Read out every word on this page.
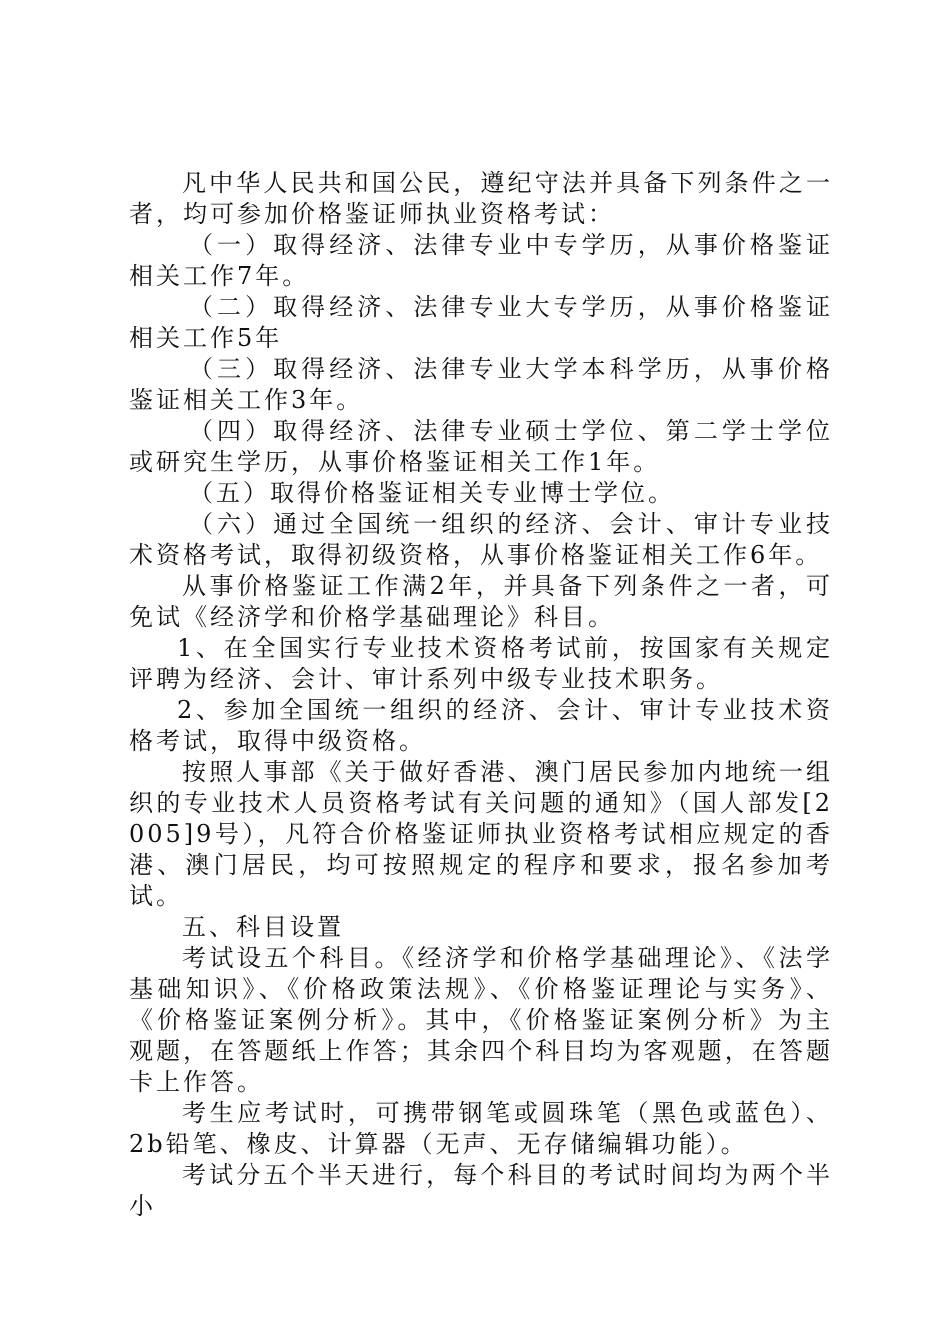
凡中华人民共和国公民，遵纪守法并具备下列条件之一者，均可参加价格鉴证师执业资格考试：

（一）取得经济、法律专业中专学历，从事价格鉴证相关工作7年。

（二）取得经济、法律专业大专学历，从事价格鉴证相关工作5年

（三）取得经济、法律专业大学本科学历，从事价格鉴证相关工作3年。

（四）取得经济、法律专业硕士学位、第二学士学位或研究生学历，从事价格鉴证相关工作1年。

（五）取得价格鉴证相关专业博士学位。

（六）通过全国统一组织的经济、会计、审计专业技术资格考试，取得初级资格，从事价格鉴证相关工作6年。

从事价格鉴证工作满2年，并具备下列条件之一者，可免试《经济学和价格学基础理论》科目。

1、在全国实行专业技术资格考试前，按国家有关规定评聘为经济、会计、审计系列中级专业技术职务。

2、参加全国统一组织的经济、会计、审计专业技术资格考试，取得中级资格。

按照人事部《关于做好香港、澳门居民参加内地统一组织的专业技术人员资格考试有关问题的通知》（国人部发[2005]9号），凡符合价格鉴证师执业资格考试相应规定的香港、澳门居民，均可按照规定的程序和要求，报名参加考试。

五、科目设置

考试设五个科目。《经济学和价格学基础理论》、《法学基础知识》、《价格政策法规》、《价格鉴证理论与实务》、《价格鉴证案例分析》。其中，《价格鉴证案例分析》为主观题，在答题纸上作答；其余四个科目均为客观题，在答题卡上作答。

考生应考试时，可携带钢笔或圆珠笔（黑色或蓝色）、2b铅笔、橡皮、计算器（无声、无存储编辑功能）。

考试分五个半天进行，每个科目的考试时间均为两个半小
